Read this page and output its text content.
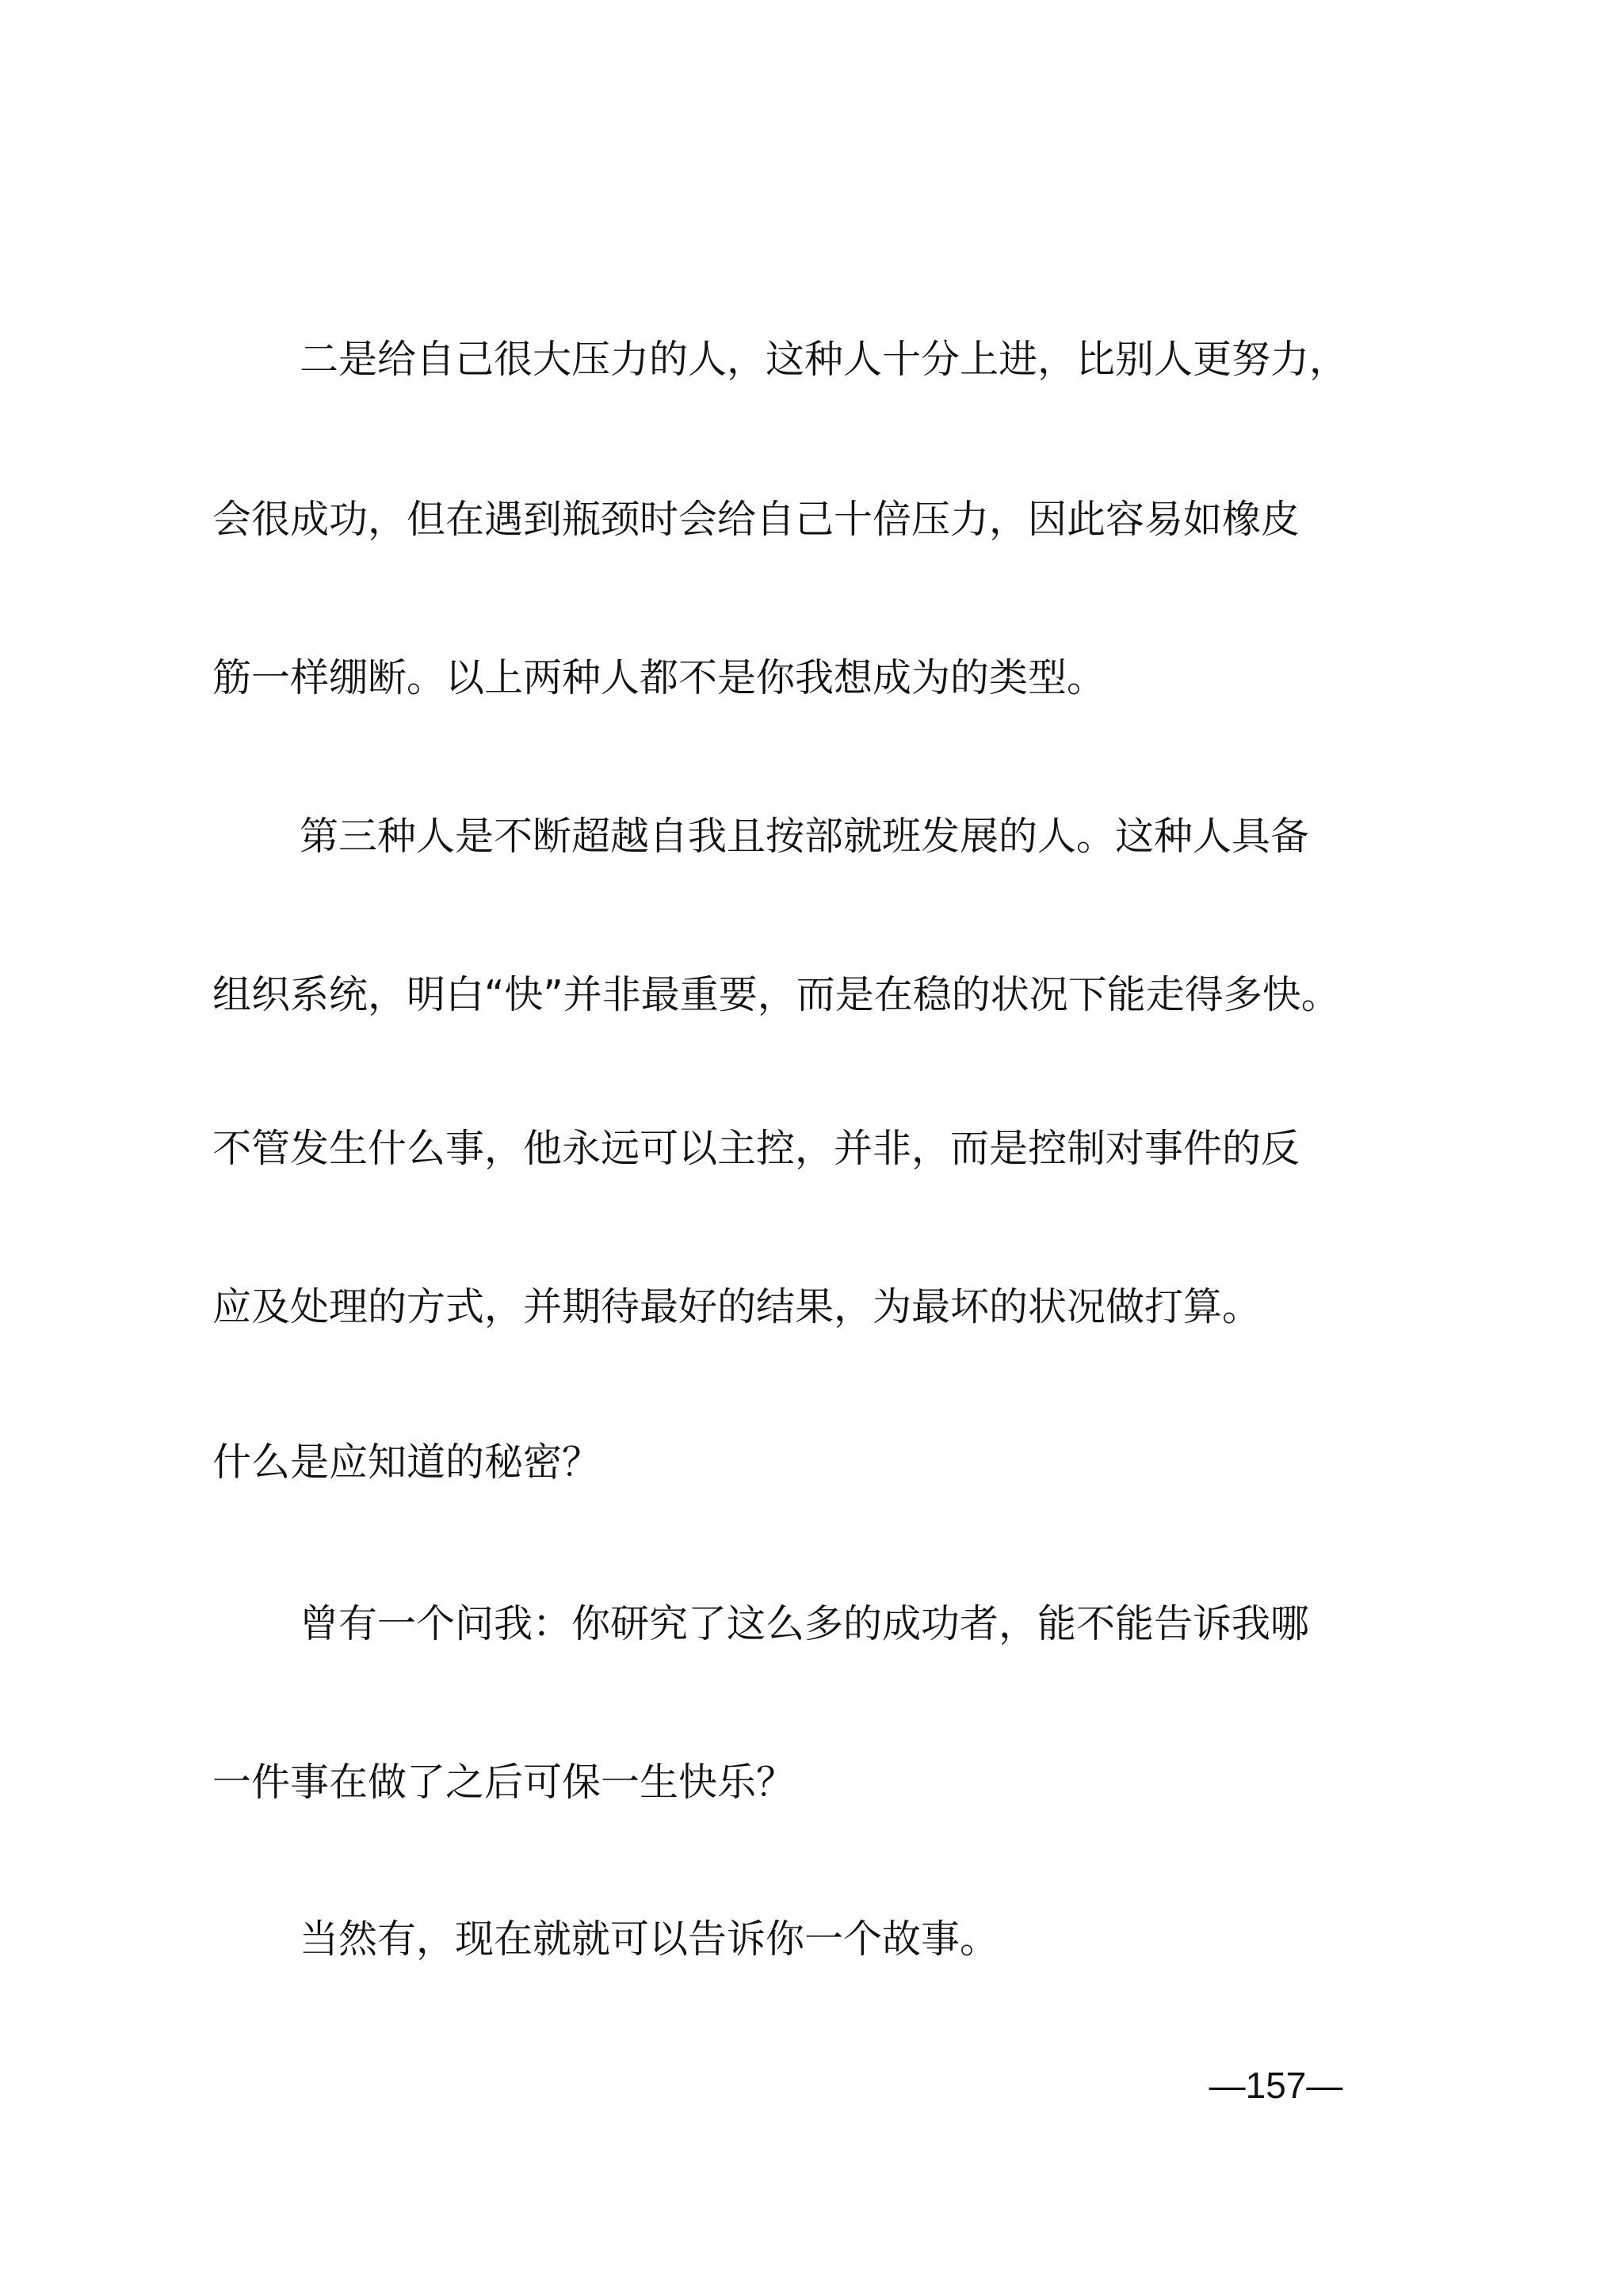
二是给自己很大压力的人，这种人十分上进，比别人更努力，
会很成功，但在遇到瓶颈时会给自己十倍压力，因此容易如橡皮
筋一样绷断。以上两种人都不是你我想成为的类型。
第三种人是不断超越自我且按部就班发展的人。这种人具备
组织系统，明白“快”并非最重要，而是在稳的状况下能走得多快。
不管发生什么事，他永远可以主控，并非，而是控制对事件的反
应及处理的方式，并期待最好的结果，为最坏的状况做打算。
什么是应知道的秘密？
曾有一个问我：你研究了这么多的成功者，能不能告诉我哪
一件事在做了之后可保一生快乐？
当然有，现在就就可以告诉你一个故事。
—157—
